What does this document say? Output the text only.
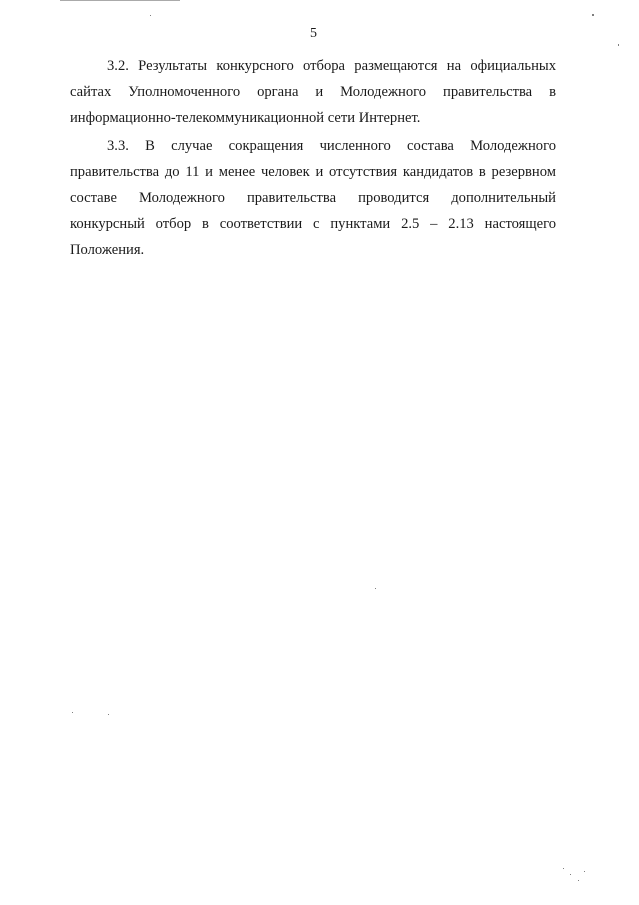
5

3.2. Результаты конкурсного отбора размещаются на официальных сайтах Уполномоченного органа и Молодежного правительства в информационно-телекоммуникационной сети Интернет.

3.3. В случае сокращения численного состава Молодежного правительства до 11 и менее человек и отсутствия кандидатов в резервном составе Молодежного правительства проводится дополнительный конкурсный отбор в соответствии с пунктами 2.5 – 2.13 настоящего Положения.
